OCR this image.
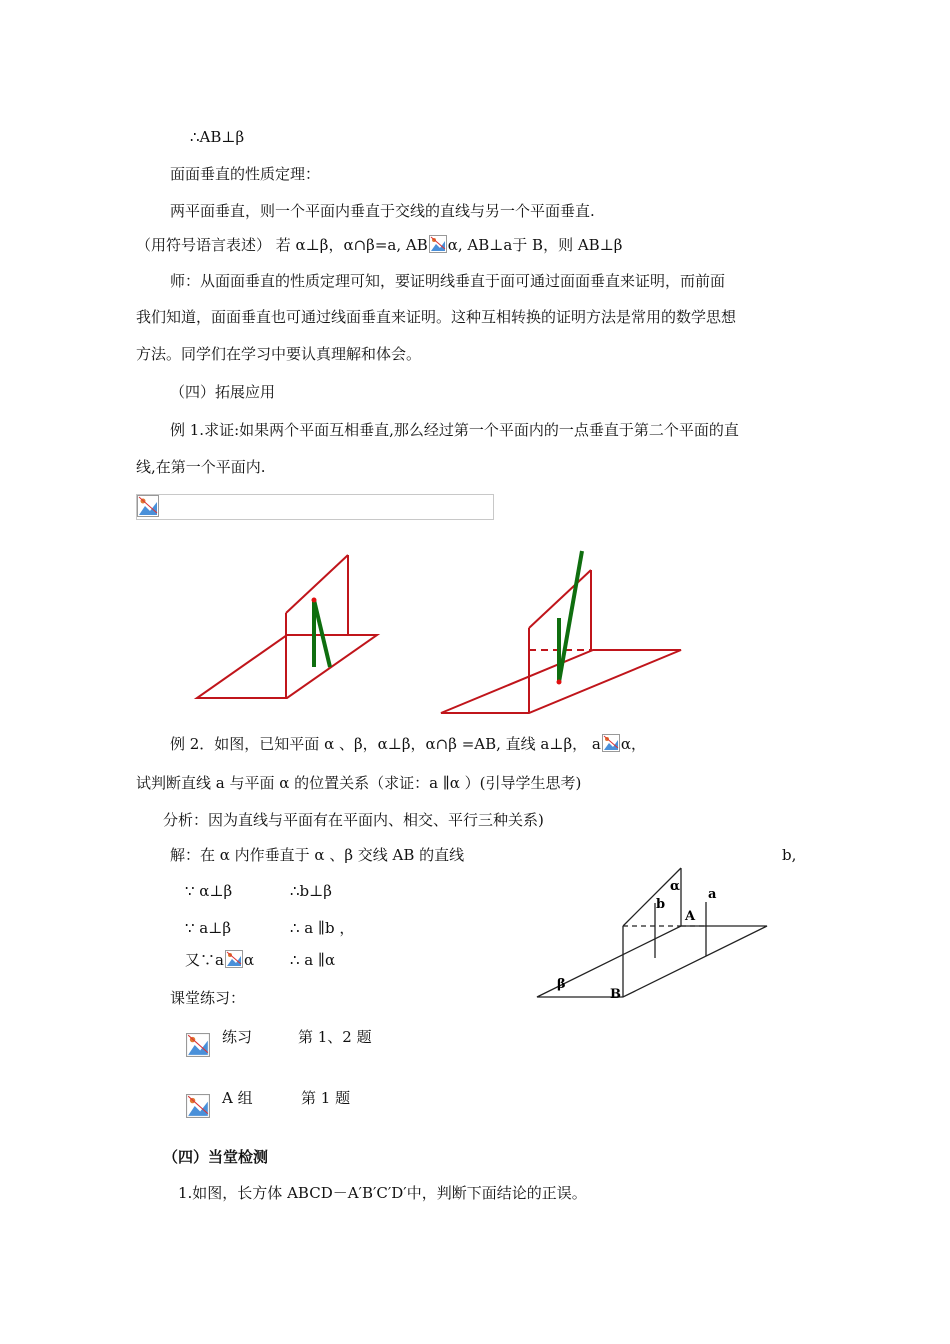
∴AB⊥β
面面垂直的性质定理：
两平面垂直，则一个平面内垂直于交线的直线与另一个平面垂直.
（用符号语言表述） 若 α⊥β，α∩β=a, AB α, AB⊥a于 B，则 AB⊥β
师：从面面垂直的性质定理可知，要证明线垂直于面可通过面面垂直来证明，而前面
我们知道，面面垂直也可通过线面垂直来证明。这种互相转换的证明方法是常用的数学思想
方法。同学们在学习中要认真理解和体会。
（四）拓展应用
例 1.求证:如果两个平面互相垂直,那么经过第一个平面内的一点垂直于第二个平面的直
线,在第一个平面内.
例 2．如图，已知平面 α 、β，α⊥β，α∩β =AB, 直线 a⊥β， a α，
试判断直线 a 与平面 α 的位置关系（求证：a ∥α ）(引导学生思考)
分析：因为直线与平面有在平面内、相交、平行三种关系)
解：在 α 内作垂直于 α 、β 交线 AB 的直线	b,
∵ α⊥β	∴b⊥β
∵ a⊥β	∴ a ∥b ，
又∵a α ∴ a ∥α
α
b
A
a
β
B
课堂练习：
练习	第 1、2 题
A 组	第 1 题
（四）当堂检测
1.如图，长方体 ABCD－A′B′C′D′中，判断下面结论的正误。
